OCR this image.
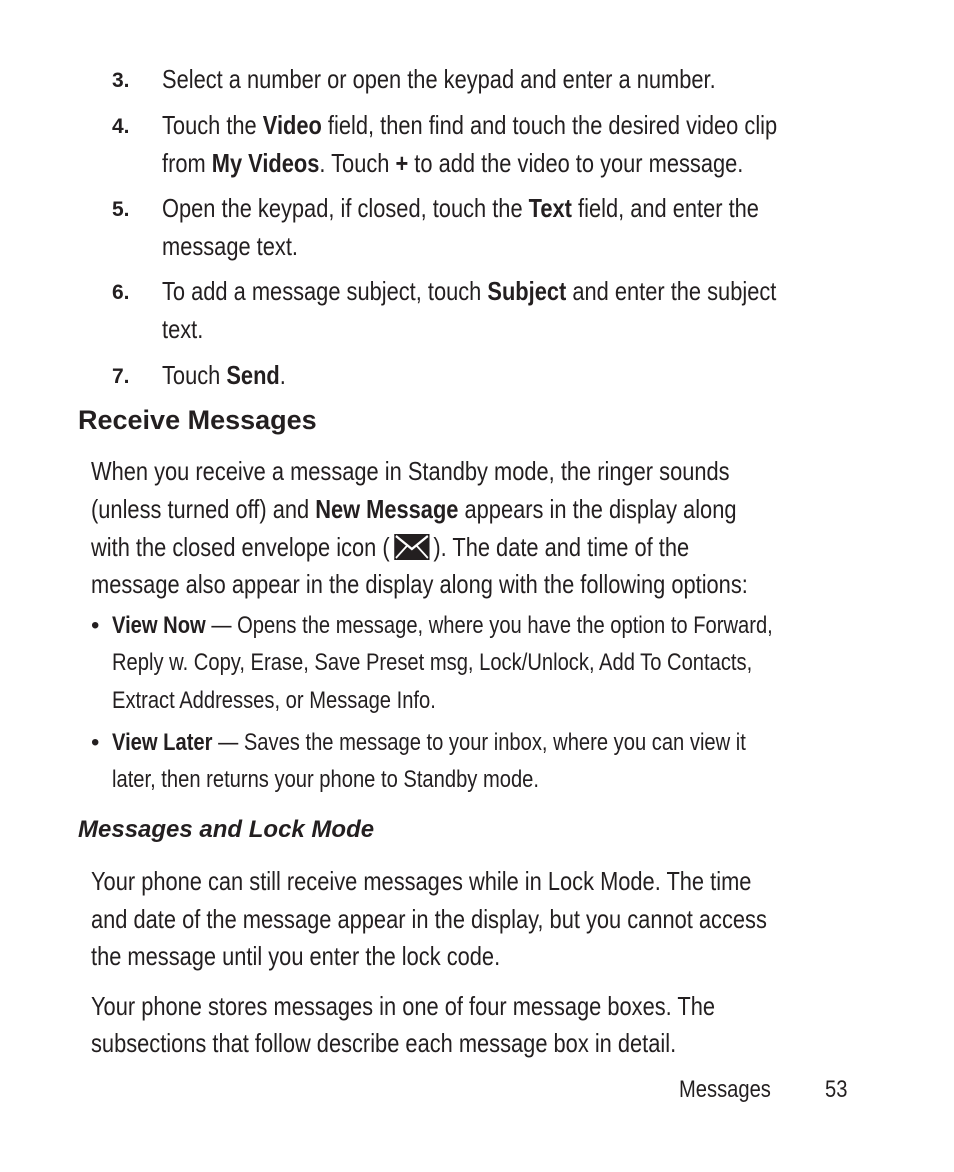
3. Select a number or open the keypad and enter a number.
4. Touch the Video field, then find and touch the desired video clip
from My Videos. Touch + to add the video to your message.
5. Open the keypad, if closed, touch the Text field, and enter the
message text.
6. To add a message subject, touch Subject and enter the subject
text.
7. Touch Send.
Receive Messages
When you receive a message in Standby mode, the ringer sounds
(unless turned off) and New Message appears in the display along
with the closed envelope icon ( ). The date and time of the
message also appear in the display along with the following options:
• View Now — Opens the message, where you have the option to Forward,
Reply w. Copy, Erase, Save Preset msg, Lock/Unlock, Add To Contacts,
Extract Addresses, or Message Info.
• View Later — Saves the message to your inbox, where you can view it
later, then returns your phone to Standby mode.
Messages and Lock Mode
Your phone can still receive messages while in Lock Mode. The time
and date of the message appear in the display, but you cannot access
the message until you enter the lock code.
Your phone stores messages in one of four message boxes. The
subsections that follow describe each message box in detail.
Messages	53
